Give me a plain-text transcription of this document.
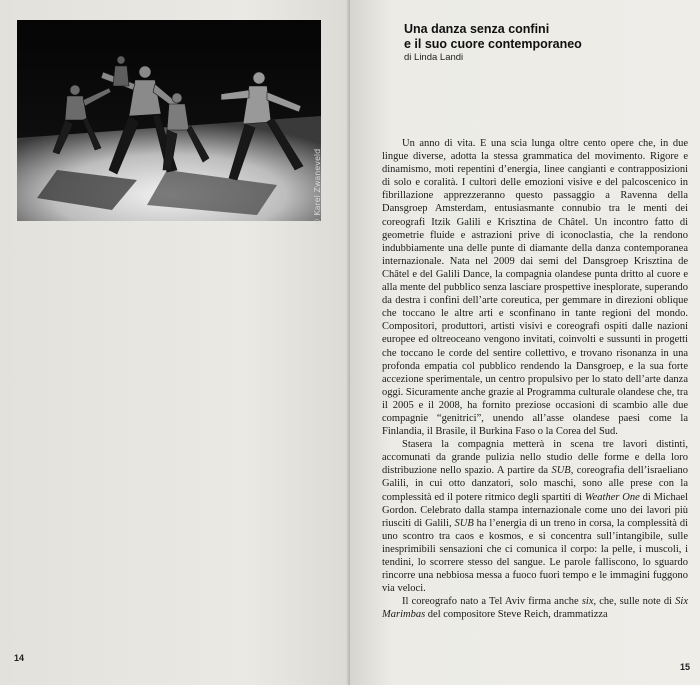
© Karel Zwaneveld
14
Una danza senza confini
e il suo cuore contemporaneo
di Linda Landi

Un anno di vita. E una scia lunga oltre cento opere che, in due lingue diverse, adotta la stessa grammatica del movimento. Rigore e dinamismo, moti repentini d’energia, linee cangianti e contrapposizioni di solo e coralità. I cultori delle emozioni visive e del palcoscenico in fibrillazione apprezzeranno questo passaggio a Ravenna della Dansgroep Amsterdam, entusiasmante connubio tra le menti dei coreografi Itzik Galili e Krisztina de Châtel. Un incontro fatto di geometrie fluide e astrazioni prive di iconoclastia, che la rendono indubbiamente una delle punte di diamante della danza contemporanea internazionale. Nata nel 2009 dai semi del Dansgroep Krisztina de Châtel e del Galili Dance, la compagnia olandese punta dritto al cuore e alla mente del pubblico senza lasciare prospettive inesplorate, superando da destra i confini dell’arte coreutica, per gemmare in direzioni oblique che toccano le altre arti e sconfinano in tante regioni del mondo. Compositori, produttori, artisti visivi e coreografi ospiti dalle nazioni europee ed oltreoceano vengono invitati, coinvolti e sussunti in progetti che toccano le corde del sentire collettivo, e trovano risonanza in una profonda empatia col pubblico rendendo la Dansgroep, e la sua forte accezione sperimentale, un centro propulsivo per lo stato dell’arte danza oggi. Sicuramente anche grazie al Programma culturale olandese che, tra il 2005 e il 2008, ha fornito preziose occasioni di scambio alle due compagnie “genitrici”, unendo all’asse olandese paesi come la Finlandia, il Brasile, il Burkina Faso o la Corea del Sud.

Stasera la compagnia metterà in scena tre lavori distinti, accomunati da grande pulizia nello studio delle forme e della loro distribuzione nello spazio. A partire da SUB, coreografia dell’israeliano Galili, in cui otto danzatori, solo maschi, sono alle prese con la complessità ed il potere ritmico degli spartiti di Weather One di Michael Gordon. Celebrato dalla stampa internazionale come uno dei lavori più riusciti di Galili, SUB ha l’energia di un treno in corsa, la complessità di uno scontro tra caos e kosmos, e si concentra sull’intangibile, sulle inesprimibili sensazioni che ci comunica il corpo: la pelle, i muscoli, i tendini, lo scorrere stesso del sangue. Le parole falliscono, lo sguardo rincorre una nebbiosa messa a fuoco fuori tempo e le immagini fuggono via veloci.

Il coreografo nato a Tel Aviv firma anche six, che, sulle note di Six Marimbas del compositore Steve Reich, drammatizza

15
